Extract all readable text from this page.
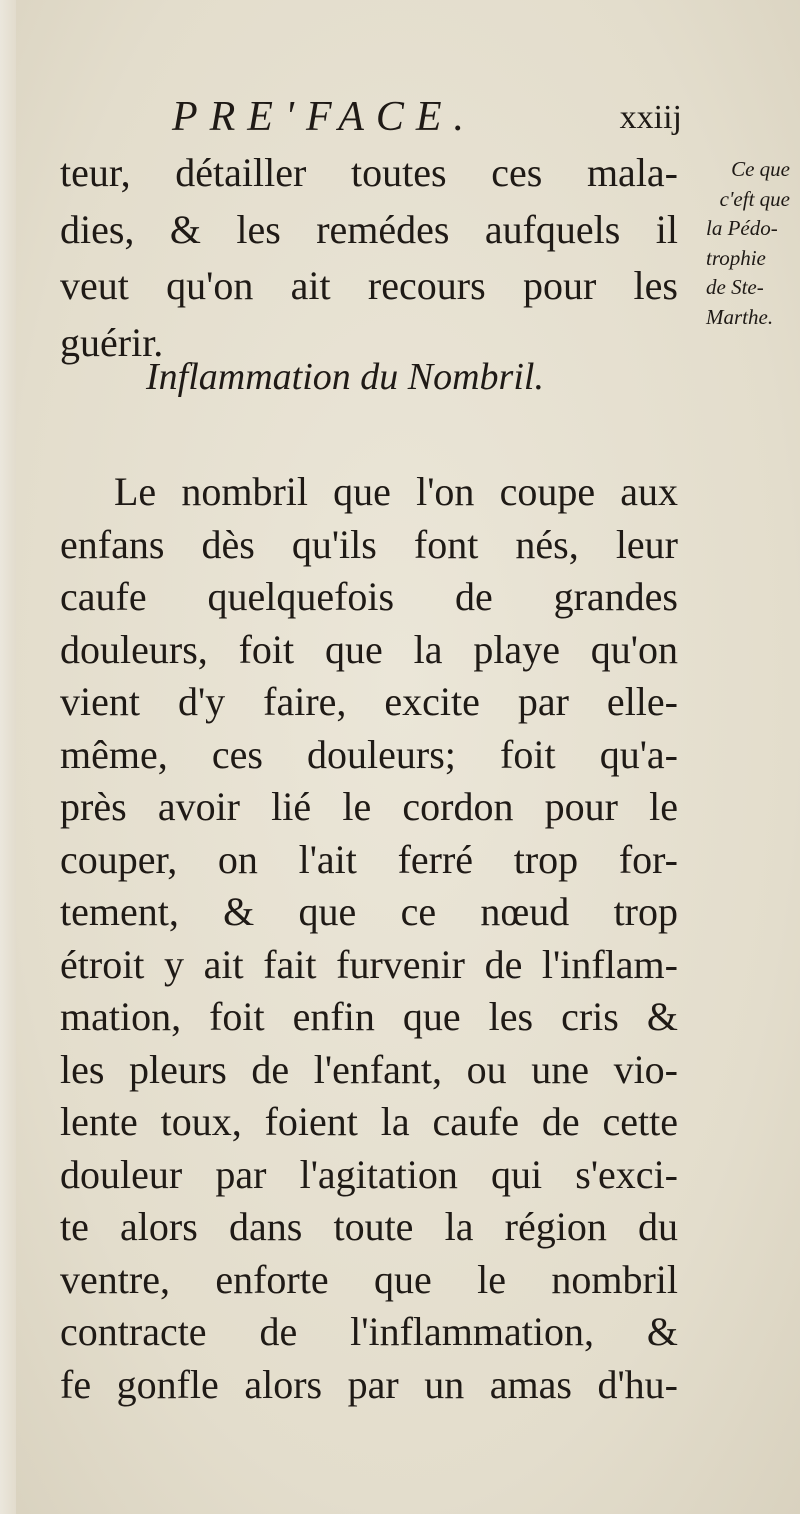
PRE'FACE.	xxiij
teur, détailler toutes ces mala-
dies, & les remédes aufquels il
veut qu'on ait recours pour les
guérir.
Ce que
c'eft que
la Pédo-
trophie
de Ste-
Marthe.
Inflammation du Nombril.
Le nombril que l'on coupe aux
enfans dès qu'ils font nés, leur
caufe quelquefois de grandes
douleurs, foit que la playe qu'on
vient d'y faire, excite par elle-
même, ces douleurs; foit qu'a-
près avoir lié le cordon pour le
couper, on l'ait ferré trop for-
tement, & que ce nœud trop
étroit y ait fait furvenir de l'inflam-
mation, foit enfin que les cris &
les pleurs de l'enfant, ou une vio-
lente toux, foient la caufe de cette
douleur par l'agitation qui s'exci-
te alors dans toute la région du
ventre, enforte que le nombril
contracte de l'inflammation, &
fe gonfle alors par un amas d'hu-
